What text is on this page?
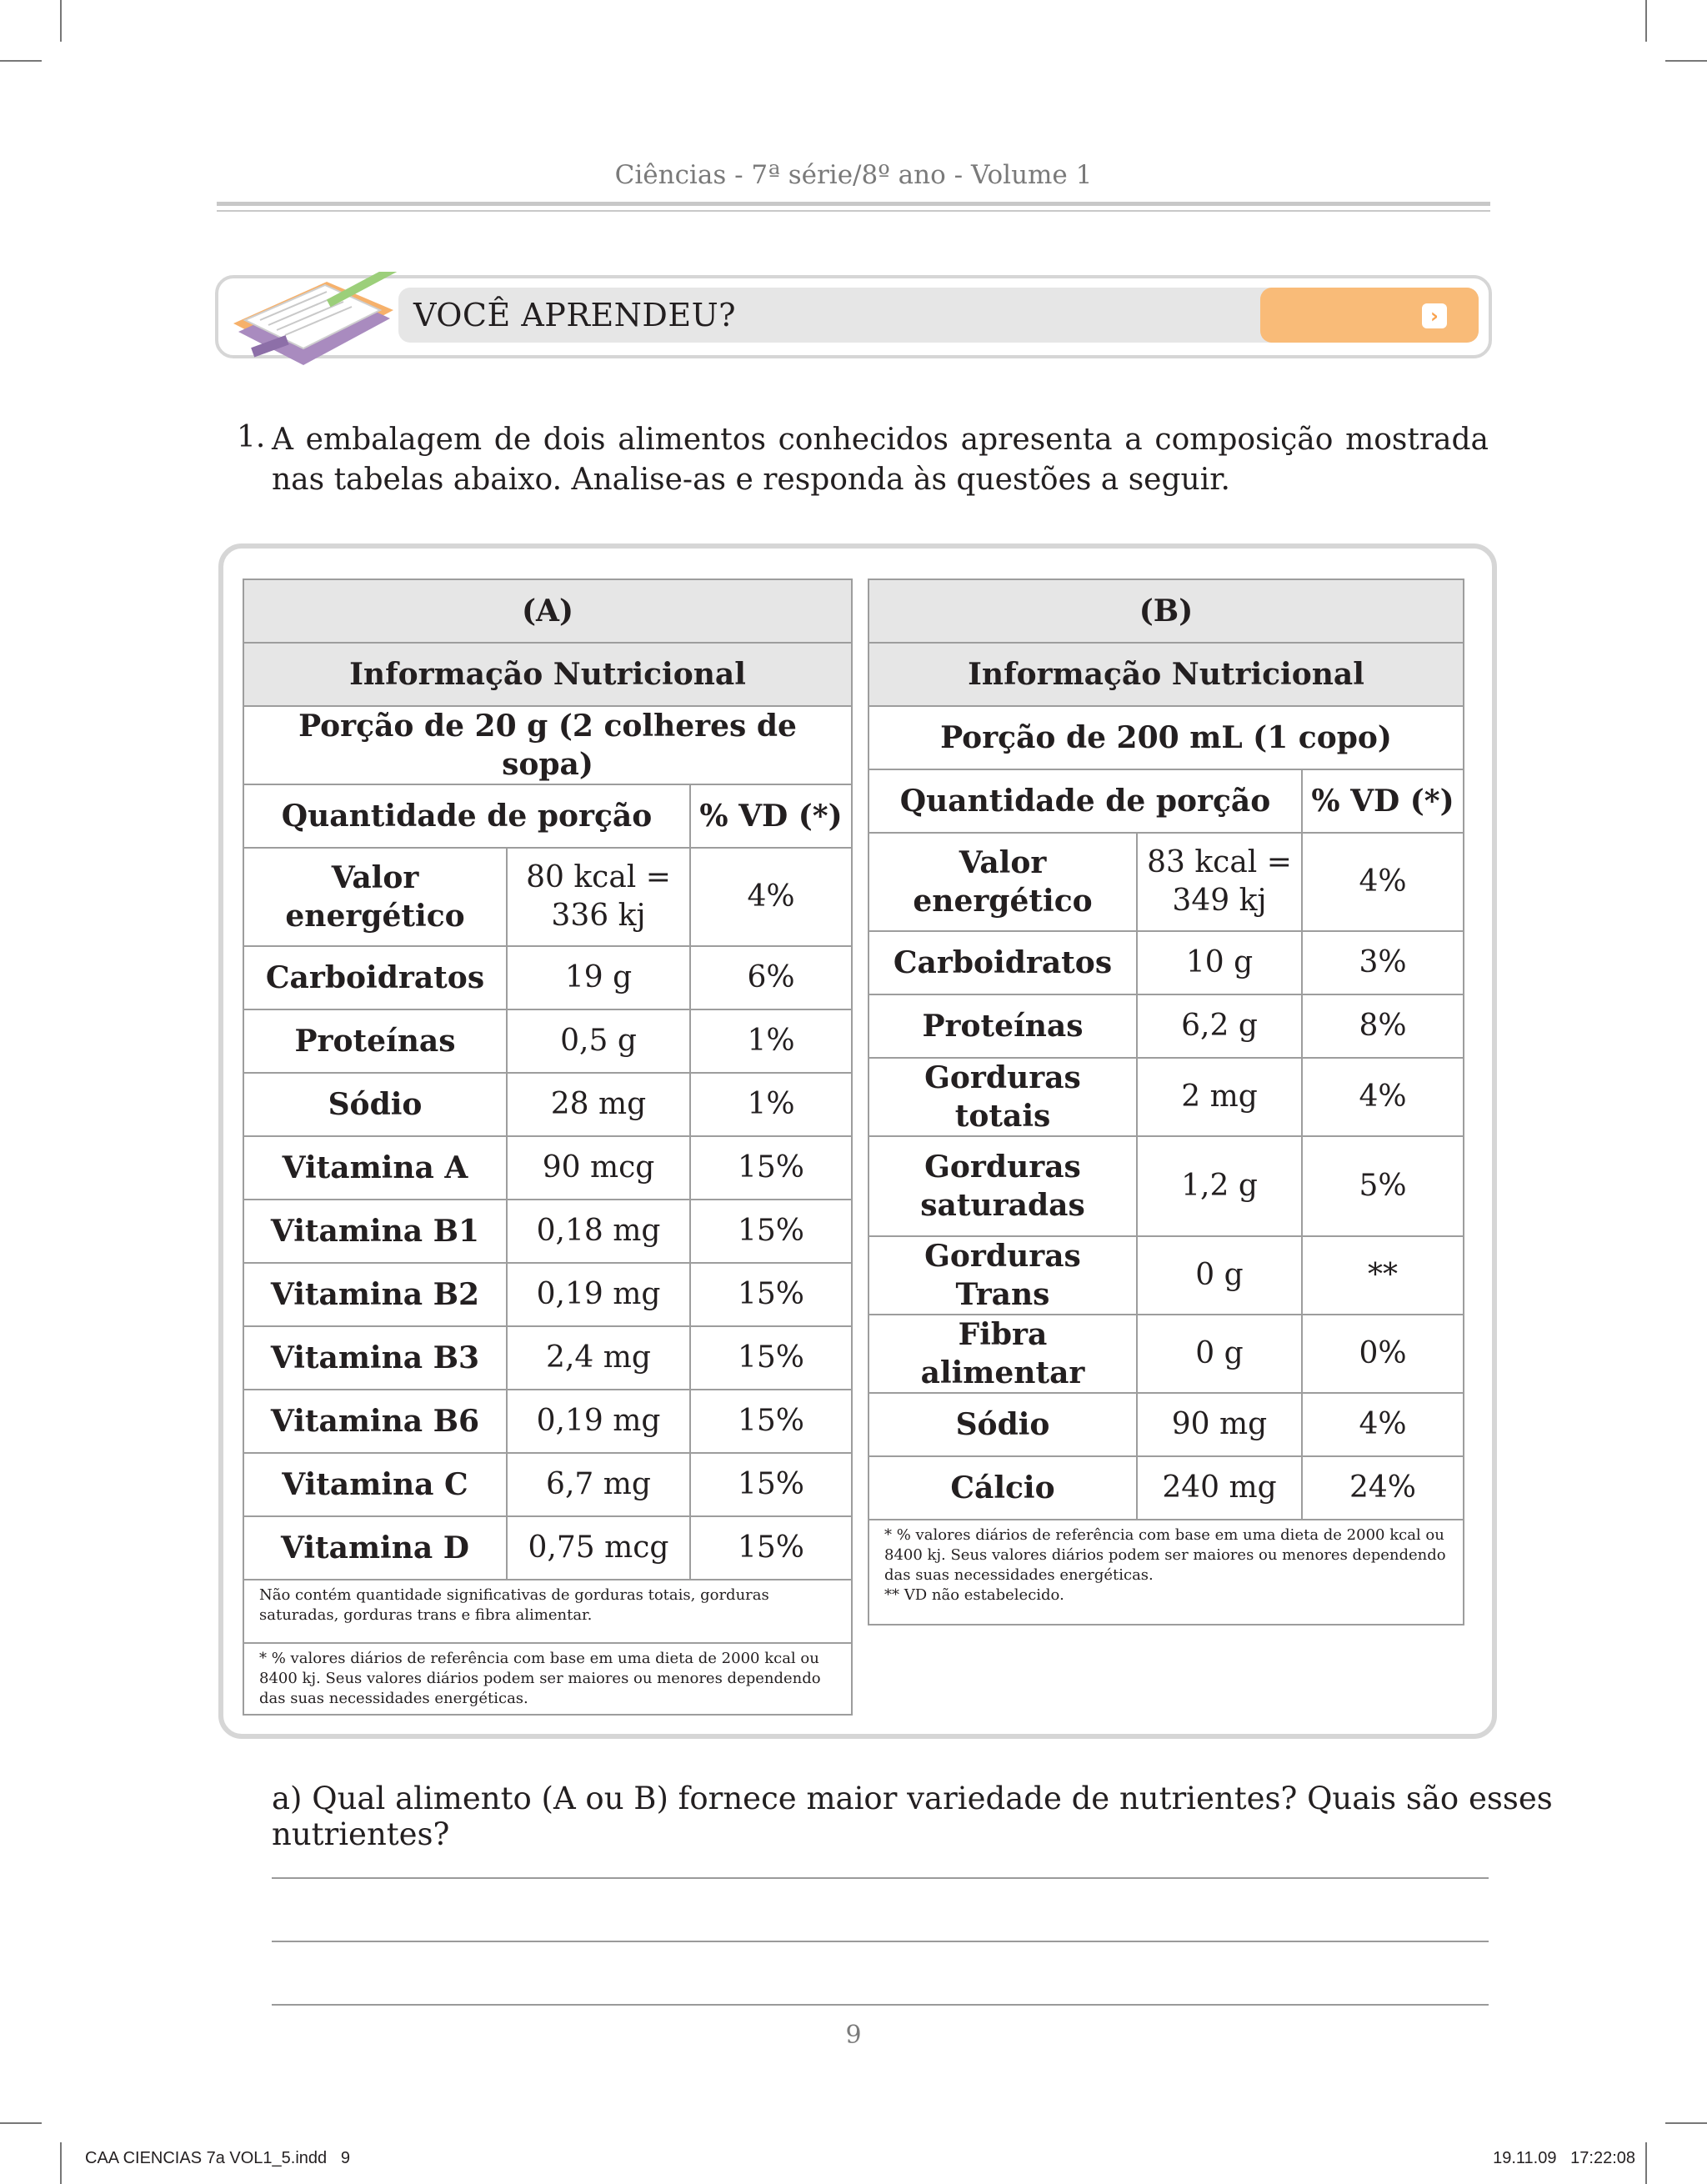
Ciências - 7ª série/8º ano - Volume 1
VOCÊ APRENDEU?	›
1. A embalagem de dois alimentos conhecidos apresenta a composição mostrada nas tabelas abaixo. Analise-as e responda às questões a seguir.
(A)		
Informação Nutricional		
Porção de 20 g (2 colheres de sopa)		
Quantidade de porção		% VD (*)
Valor energético	80 kcal = 336 kj	4%
Carboidratos	19 g	6%
Proteínas	0,5 g	1%
Sódio	28 mg	1%
Vitamina A	90 mcg	15%
Vitamina B1	0,18 mg	15%
Vitamina B2	0,19 mg	15%
Vitamina B3	2,4 mg	15%
Vitamina B6	0,19 mg	15%
Vitamina C	6,7 mg	15%
Vitamina D	0,75 mcg	15%
Não contém quantidade significativas de gorduras totais, gorduras saturadas, gorduras trans e fibra alimentar.		
* % valores diários de referência com base em uma dieta de 2000 kcal ou 8400 kj. Seus valores diários podem ser maiores ou menores dependendo das suas necessidades energéticas.		
(B)		
Informação Nutricional		
Porção de 200 mL (1 copo)		
Quantidade de porção		% VD (*)
Valor energético	83 kcal = 349 kj	4%
Carboidratos	10 g	3%
Proteínas	6,2 g	8%
Gorduras totais	2 mg	4%
Gorduras saturadas	1,2 g	5%
Gorduras Trans	0 g	**
Fibra alimentar	0 g	0%
Sódio	90 mg	4%
Cálcio	240 mg	24%

* % valores diários de referência com base em uma dieta de 2000 kcal ou 8400 kj. Seus valores diários podem ser maiores ou menores dependendo das suas necessidades energéticas.
** VD não estabelecido.		
a) Qual alimento (A ou B) fornece maior variedade de nutrientes? Quais são esses nutrientes?
9
CAA CIENCIAS 7a VOL1_5.indd   9	19.11.09   17:22:08
